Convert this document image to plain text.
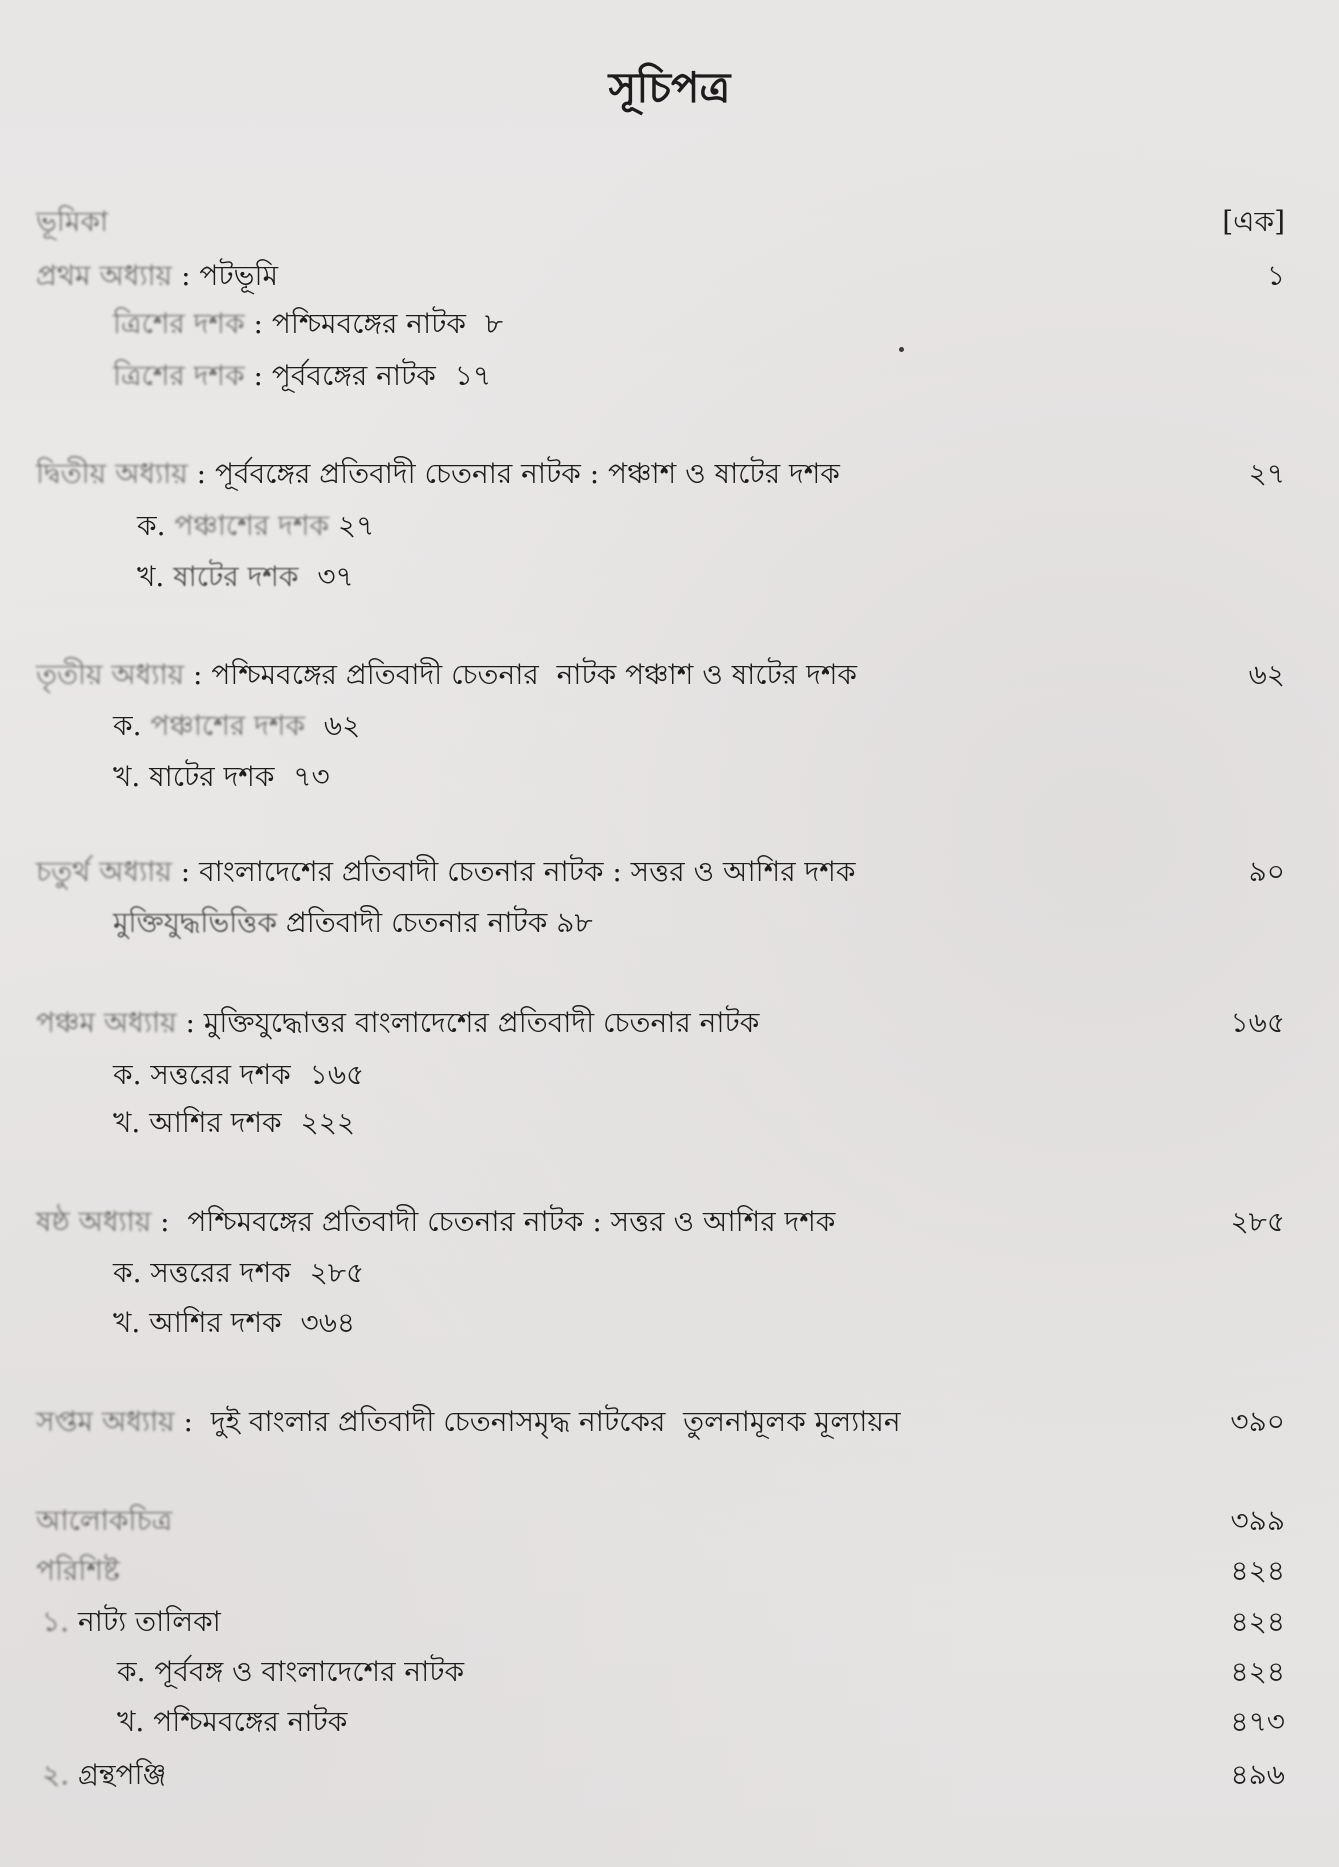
সূচিপত্র
ভূমিকা	[এক]
প্রথম অধ্যায় : পটভূমি	১
ত্রিশের দশক : পশ্চিমবঙ্গের নাটক ৮
ত্রিশের দশক : পূর্ববঙ্গের নাটক ১৭
দ্বিতীয় অধ্যায় : পূর্ববঙ্গের প্রতিবাদী চেতনার নাটক : পঞ্চাশ ও ষাটের দশক	২৭
ক. পঞ্চাশের দশক ২৭
খ. ষাটের দশক ৩৭
তৃতীয় অধ্যায় : পশ্চিমবঙ্গের প্রতিবাদী চেতনার  নাটক পঞ্চাশ ও ষাটের দশক	৬২
ক. পঞ্চাশের দশক ৬২
খ. ষাটের দশক ৭৩
চতুর্থ অধ্যায় : বাংলাদেশের প্রতিবাদী চেতনার নাটক : সত্তর ও আশির দশক	৯০
মুক্তিযুদ্ধভিত্তিক প্রতিবাদী চেতনার নাটক ৯৮
পঞ্চম অধ্যায় : মুক্তিযুদ্ধোত্তর বাংলাদেশের প্রতিবাদী চেতনার নাটক	১৬৫
ক. সত্তরের দশক ১৬৫
খ. আশির দশক ২২২
ষষ্ঠ অধ্যায় :  পশ্চিমবঙ্গের প্রতিবাদী চেতনার নাটক : সত্তর ও আশির দশক	২৮৫
ক. সত্তরের দশক ২৮৫
খ. আশির দশক ৩৬৪
সপ্তম অধ্যায় :  দুই বাংলার প্রতিবাদী চেতনাসমৃদ্ধ নাটকের  তুলনামূলক মূল্যায়ন	৩৯০
আলোকচিত্র	৩৯৯
পরিশিষ্ট	৪২৪
১. নাট্য তালিকা	৪২৪
ক. পূর্ববঙ্গ ও বাংলাদেশের নাটক	৪২৪
খ. পশ্চিমবঙ্গের নাটক	৪৭৩
২. গ্রন্থপঞ্জি	৪৯৬
